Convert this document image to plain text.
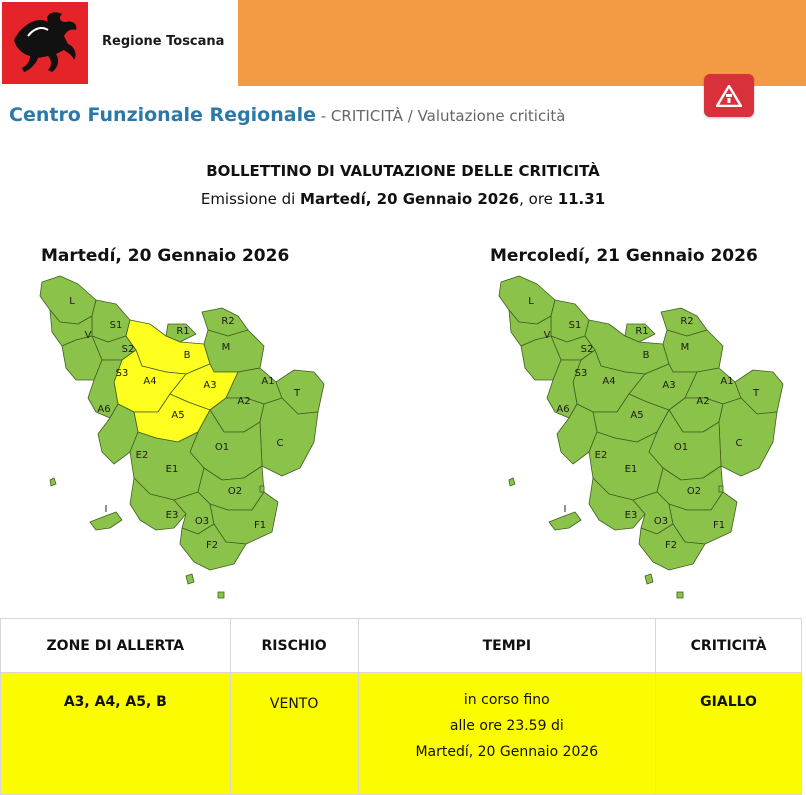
Regione Toscana
Centro Funzionale Regionale - CRITICITÀ / Valutazione criticità
BOLLETTINO DI VALUTAZIONE DELLE CRITICITÀ
Emissione di Martedí, 20 Gennaio 2026, ore 11.31
Martedí, 20 Gennaio 2026	Mercoledí, 21 Gennaio 2026
L
S1
V
S2
S3
R1
R2
B
M
A4	A3
A5
A6
A1
T
A2
C
O1
E2
E1
O2
E3
O3	F1
F2
I
L
S1
V
S2
S3
R1
R2
B
M
A4	A3
A5
A6
A1
T
A2
C
O1
E2
E1
O2
E3
O3	F1
F2
I
ZONE DI ALLERTA	RISCHIO	TEMPI	CRITICITÀ
A3, A4, A5, B	VENTO	in corso fino
alle ore 23.59 di
Martedí, 20 Gennaio 2026	GIALLO
